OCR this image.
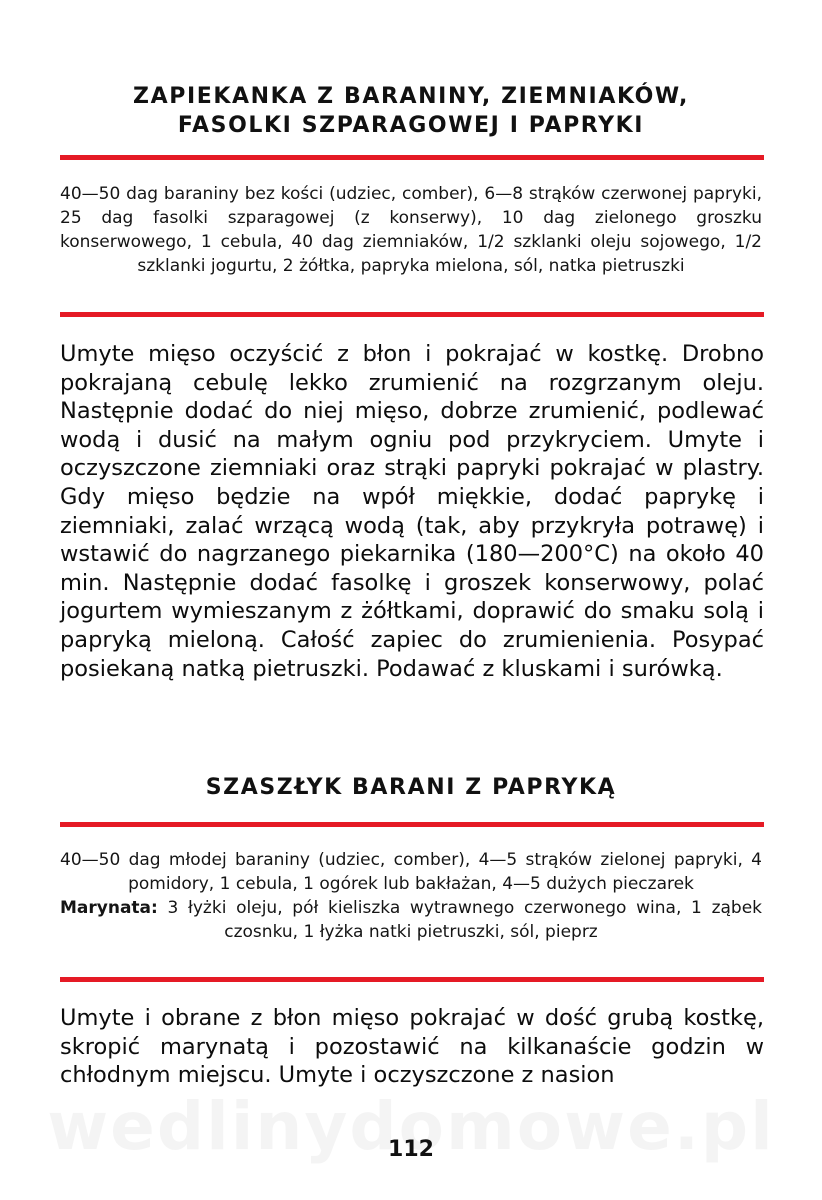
ZAPIEKANKA Z BARANINY, ZIEMNIAKÓW,
FASOLKI SZPARAGOWEJ I PAPRYKI

40—50 dag baraniny bez kości (udziec, comber), 6—8 strąków czerwonej papryki, 25 dag fasolki szparagowej (z konserwy), 10 dag zielonego groszku konserwowego, 1 cebula, 40 dag ziemniaków, 1/2 szklanki oleju sojowego, 1/2 szklanki jogurtu, 2 żółtka, papryka mielona, sól, natka pietruszki

Umyte mięso oczyścić z błon i pokrajać w kostkę. Drobno pokrajaną cebulę lekko zrumienić na rozgrzanym oleju. Następnie dodać do niej mięso, dobrze zrumienić, podlewać wodą i dusić na małym ogniu pod przykryciem. Umyte i oczyszczone ziemniaki oraz strąki papryki pokrajać w plastry. Gdy mięso będzie na wpół miękkie, dodać paprykę i ziemniaki, zalać wrzącą wodą (tak, aby przykryła potrawę) i wstawić do nagrzanego piekarnika (180—200°C) na około 40 min. Następnie dodać fasolkę i groszek konserwowy, polać jogurtem wymieszanym z żółtkami, doprawić do smaku solą i papryką mieloną. Całość zapiec do zrumienienia. Posypać posiekaną natką pietruszki. Podawać z kluskami i surówką.

SZASZŁYK BARANI Z PAPRYKĄ

40—50 dag młodej baraniny (udziec, comber), 4—5 strąków zielonej papryki, 4 pomidory, 1 cebula, 1 ogórek lub bakłażan, 4—5 dużych pieczarek

Marynata: 3 łyżki oleju, pół kieliszka wytrawnego czerwonego wina, 1 ząbek czosnku, 1 łyżka natki pietruszki, sól, pieprz

Umyte i obrane z błon mięso pokrajać w dość grubą kostkę, skropić marynatą i pozostawić na kilkanaście godzin w chłodnym miejscu. Umyte i oczyszczone z nasion

112
